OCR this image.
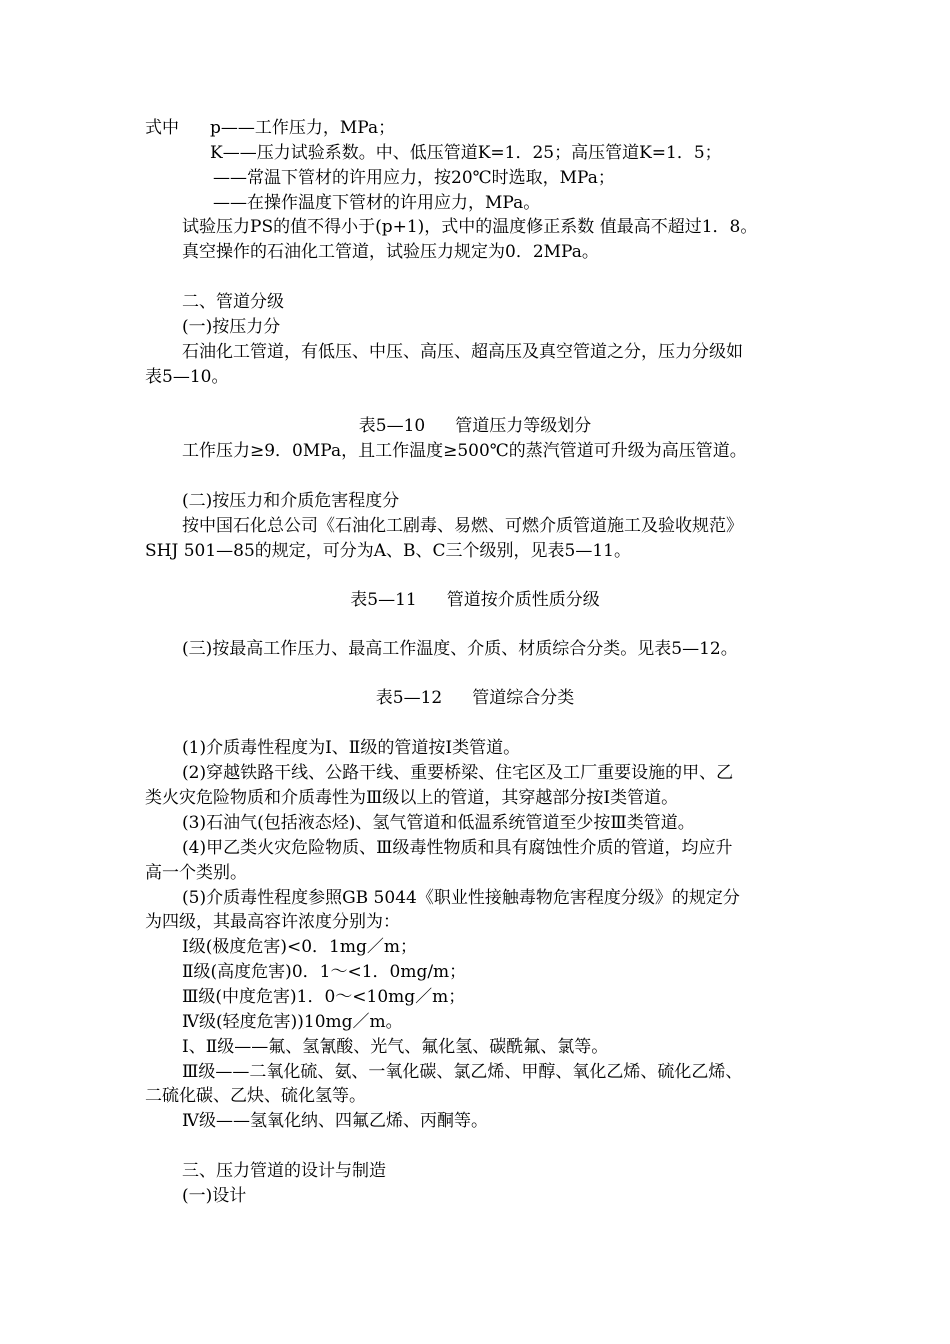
式中 p——工作压力，MPa；
K——压力试验系数。中、低压管道K=1．25；高压管道K=1．5；
——常温下管材的许用应力，按20℃时选取，MPa；
——在操作温度下管材的许用应力，MPa。
试验压力PS的值不得小于(p+1)，式中的温度修正系数 值最高不超过1．8。
真空操作的石油化工管道，试验压力规定为0．2MPa。
二、管道分级
(一)按压力分
石油化工管道，有低压、中压、高压、超高压及真空管道之分，压力分级如
表5—10。
表5—10 管道压力等级划分
工作压力≥9．0MPa，且工作温度≥500℃的蒸汽管道可升级为高压管道。
(二)按压力和介质危害程度分
按中国石化总公司《石油化工剧毒、易燃、可燃介质管道施工及验收规范》
SHJ 501—85的规定，可分为A、B、C三个级别，见表5—11。
表5—11 管道按介质性质分级
(三)按最高工作压力、最高工作温度、介质、材质综合分类。见表5—12。
表5—12 管道综合分类
(1)介质毒性程度为Ⅰ、Ⅱ级的管道按Ⅰ类管道。
(2)穿越铁路干线、公路干线、重要桥梁、住宅区及工厂重要设施的甲、乙
类火灾危险物质和介质毒性为Ⅲ级以上的管道，其穿越部分按Ⅰ类管道。
(3)石油气(包括液态烃)、氢气管道和低温系统管道至少按Ⅲ类管道。
(4)甲乙类火灾危险物质、Ⅲ级毒性物质和具有腐蚀性介质的管道，均应升
高一个类别。
(5)介质毒性程度参照GB 5044《职业性接触毒物危害程度分级》的规定分
为四级，其最高容许浓度分别为：
Ⅰ级(极度危害)<0．1mg／m；
Ⅱ级(高度危害)0．1～<1．0mg/m；
Ⅲ级(中度危害)1．0～<10mg／m；
Ⅳ级(轻度危害))10mg／m。
Ⅰ、Ⅱ级——氟、氢氰酸、光气、氟化氢、碳酰氟、氯等。
Ⅲ级——二氧化硫、氨、一氧化碳、氯乙烯、甲醇、氧化乙烯、硫化乙烯、
二硫化碳、乙炔、硫化氢等。
Ⅳ级——氢氧化纳、四氟乙烯、丙酮等。
三、压力管道的设计与制造
(一)设计
